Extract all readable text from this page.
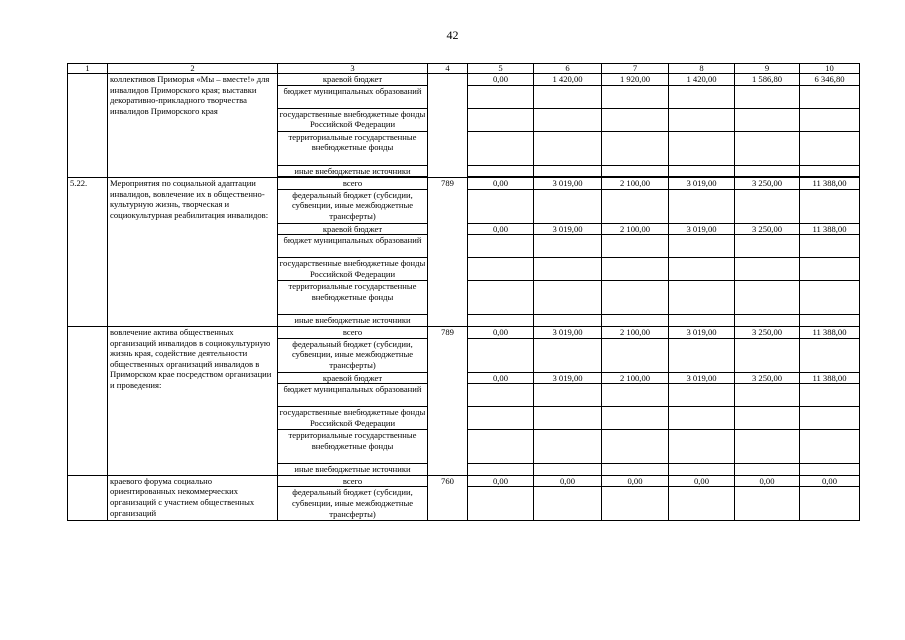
42
1	2	3	4	5	6	7	8	9	10
	коллективов Приморья «Мы – вместе!» для инвалидов Приморского края; выставки декоративно-прикладного творчества инвалидов Приморского края	краевой бюджет		0,00	1 420,00	1 920,00	1 420,00	1 586,80	6 346,80
		бюджет муниципальных образований							
		государственные внебюджетные фонды Российской Федерации							
		территориальные государственные внебюджетные фонды							
		иные внебюджетные источники							

5.22.	Мероприятия по социальной адаптации инвалидов, вовлечение их в общественно-культурную жизнь, творческая и социокультурная реабилитация инвалидов:	всего	789	0,00	3 019,00	2 100,00	3 019,00	3 250,00	11 388,00
		федеральный бюджет (субсидии, субвенции, иные межбюджетные трансферты)							
		краевой бюджет		0,00	3 019,00	2 100,00	3 019,00	3 250,00	11 388,00
		бюджет муниципальных образований							
		государственные внебюджетные фонды Российской Федерации							
		территориальные государственные внебюджетные фонды							
		иные внебюджетные источники							
	вовлечение актива общественных организаций инвалидов в социокультурную жизнь края, содействие деятельности общественных организаций инвалидов в Приморском крае посредством организации и проведения:	всего	789	0,00	3 019,00	2 100,00	3 019,00	3 250,00	11 388,00
		федеральный бюджет (субсидии, субвенции, иные межбюджетные трансферты)							
		краевой бюджет		0,00	3 019,00	2 100,00	3 019,00	3 250,00	11 388,00
		бюджет муниципальных образований							
		государственные внебюджетные фонды Российской Федерации							
		территориальные государственные внебюджетные фонды							
		иные внебюджетные источники							
	краевого форума социально ориентированных некоммерческих организаций с участием общественных организаций	всего	760	0,00	0,00	0,00	0,00	0,00	0,00
		федеральный бюджет (субсидии, субвенции, иные межбюджетные трансферты)							
